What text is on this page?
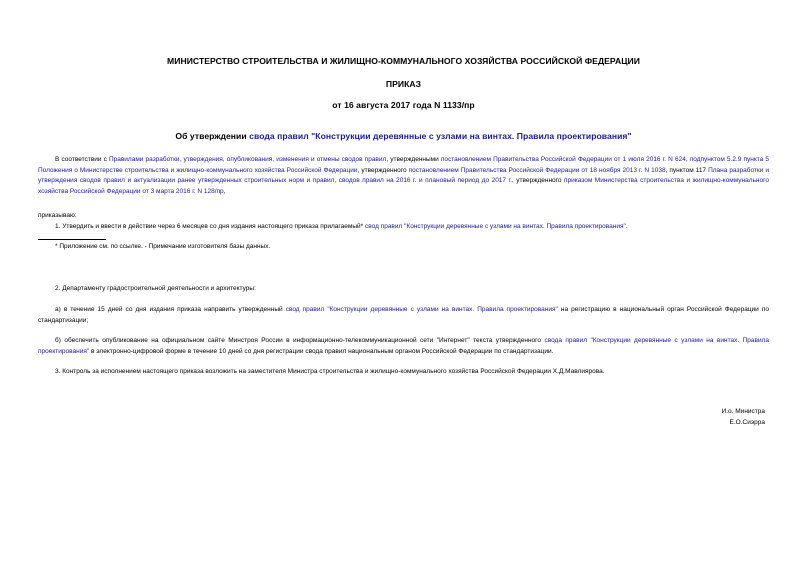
МИНИСТЕРСТВО СТРОИТЕЛЬСТВА И ЖИЛИЩНО-КОММУНАЛЬНОГО ХОЗЯЙСТВА РОССИЙСКОЙ ФЕДЕРАЦИИ
ПРИКАЗ
от 16 августа 2017 года N 1133/пр
Об утверждении свода правил "Конструкции деревянные с узлами на винтах. Правила проектирования"
В соответствии с Правилами разработки, утверждения, опубликования, изменения и отмены сводов правил, утвержденными постановлением Правительства Российской Федерации от 1 июля 2016 г. N 624, подпунктом 5.2.9 пункта 5 Положения о Министерстве строительства и жилищно-коммунального хозяйства Российской Федерации, утвержденного постановлением Правительства Российской Федерации от 18 ноября 2013 г. N 1038, пунктом 117 Плана разработки и утверждения сводов правил и актуализации ранее утвержденных строительных норм и правил, сводов правил на 2016 г. и плановый период до 2017 г., утвержденного приказом Министерства строительства и жилищно-коммунального хозяйства Российской Федерации от 3 марта 2016 г. N 128/пр,
приказываю:
1. Утвердить и ввести в действие через 6 месяцев со дня издания настоящего приказа прилагаемый* свод правил "Конструкции деревянные с узлами на винтах. Правила проектирования".
* Приложение см. по ссылке. - Примечание изготовителя базы данных.
2. Департаменту градостроительной деятельности и архитектуры:
а) в течение 15 дней со дня издания приказа направить утвержденный свод правил "Конструкции деревянные с узлами на винтах. Правила проектирования" на регистрацию в национальный орган Российской Федерации по стандартизации;
б) обеспечить опубликование на официальном сайте Минстроя России в информационно-телекоммуникационной сети "Интернет" текста утвержденного свода правил "Конструкции деревянные с узлами на винтах. Правила проектирования" в электронно-цифровой форме в течение 10 дней со дня регистрации свода правил национальным органом Российской Федерации по стандартизации.
3. Контроль за исполнением настоящего приказа возложить на заместителя Министра строительства и жилищно-коммунального хозяйства Российской Федерации Х.Д.Мавлиярова.
И.о. Министра
Е.О.Сиэрра
